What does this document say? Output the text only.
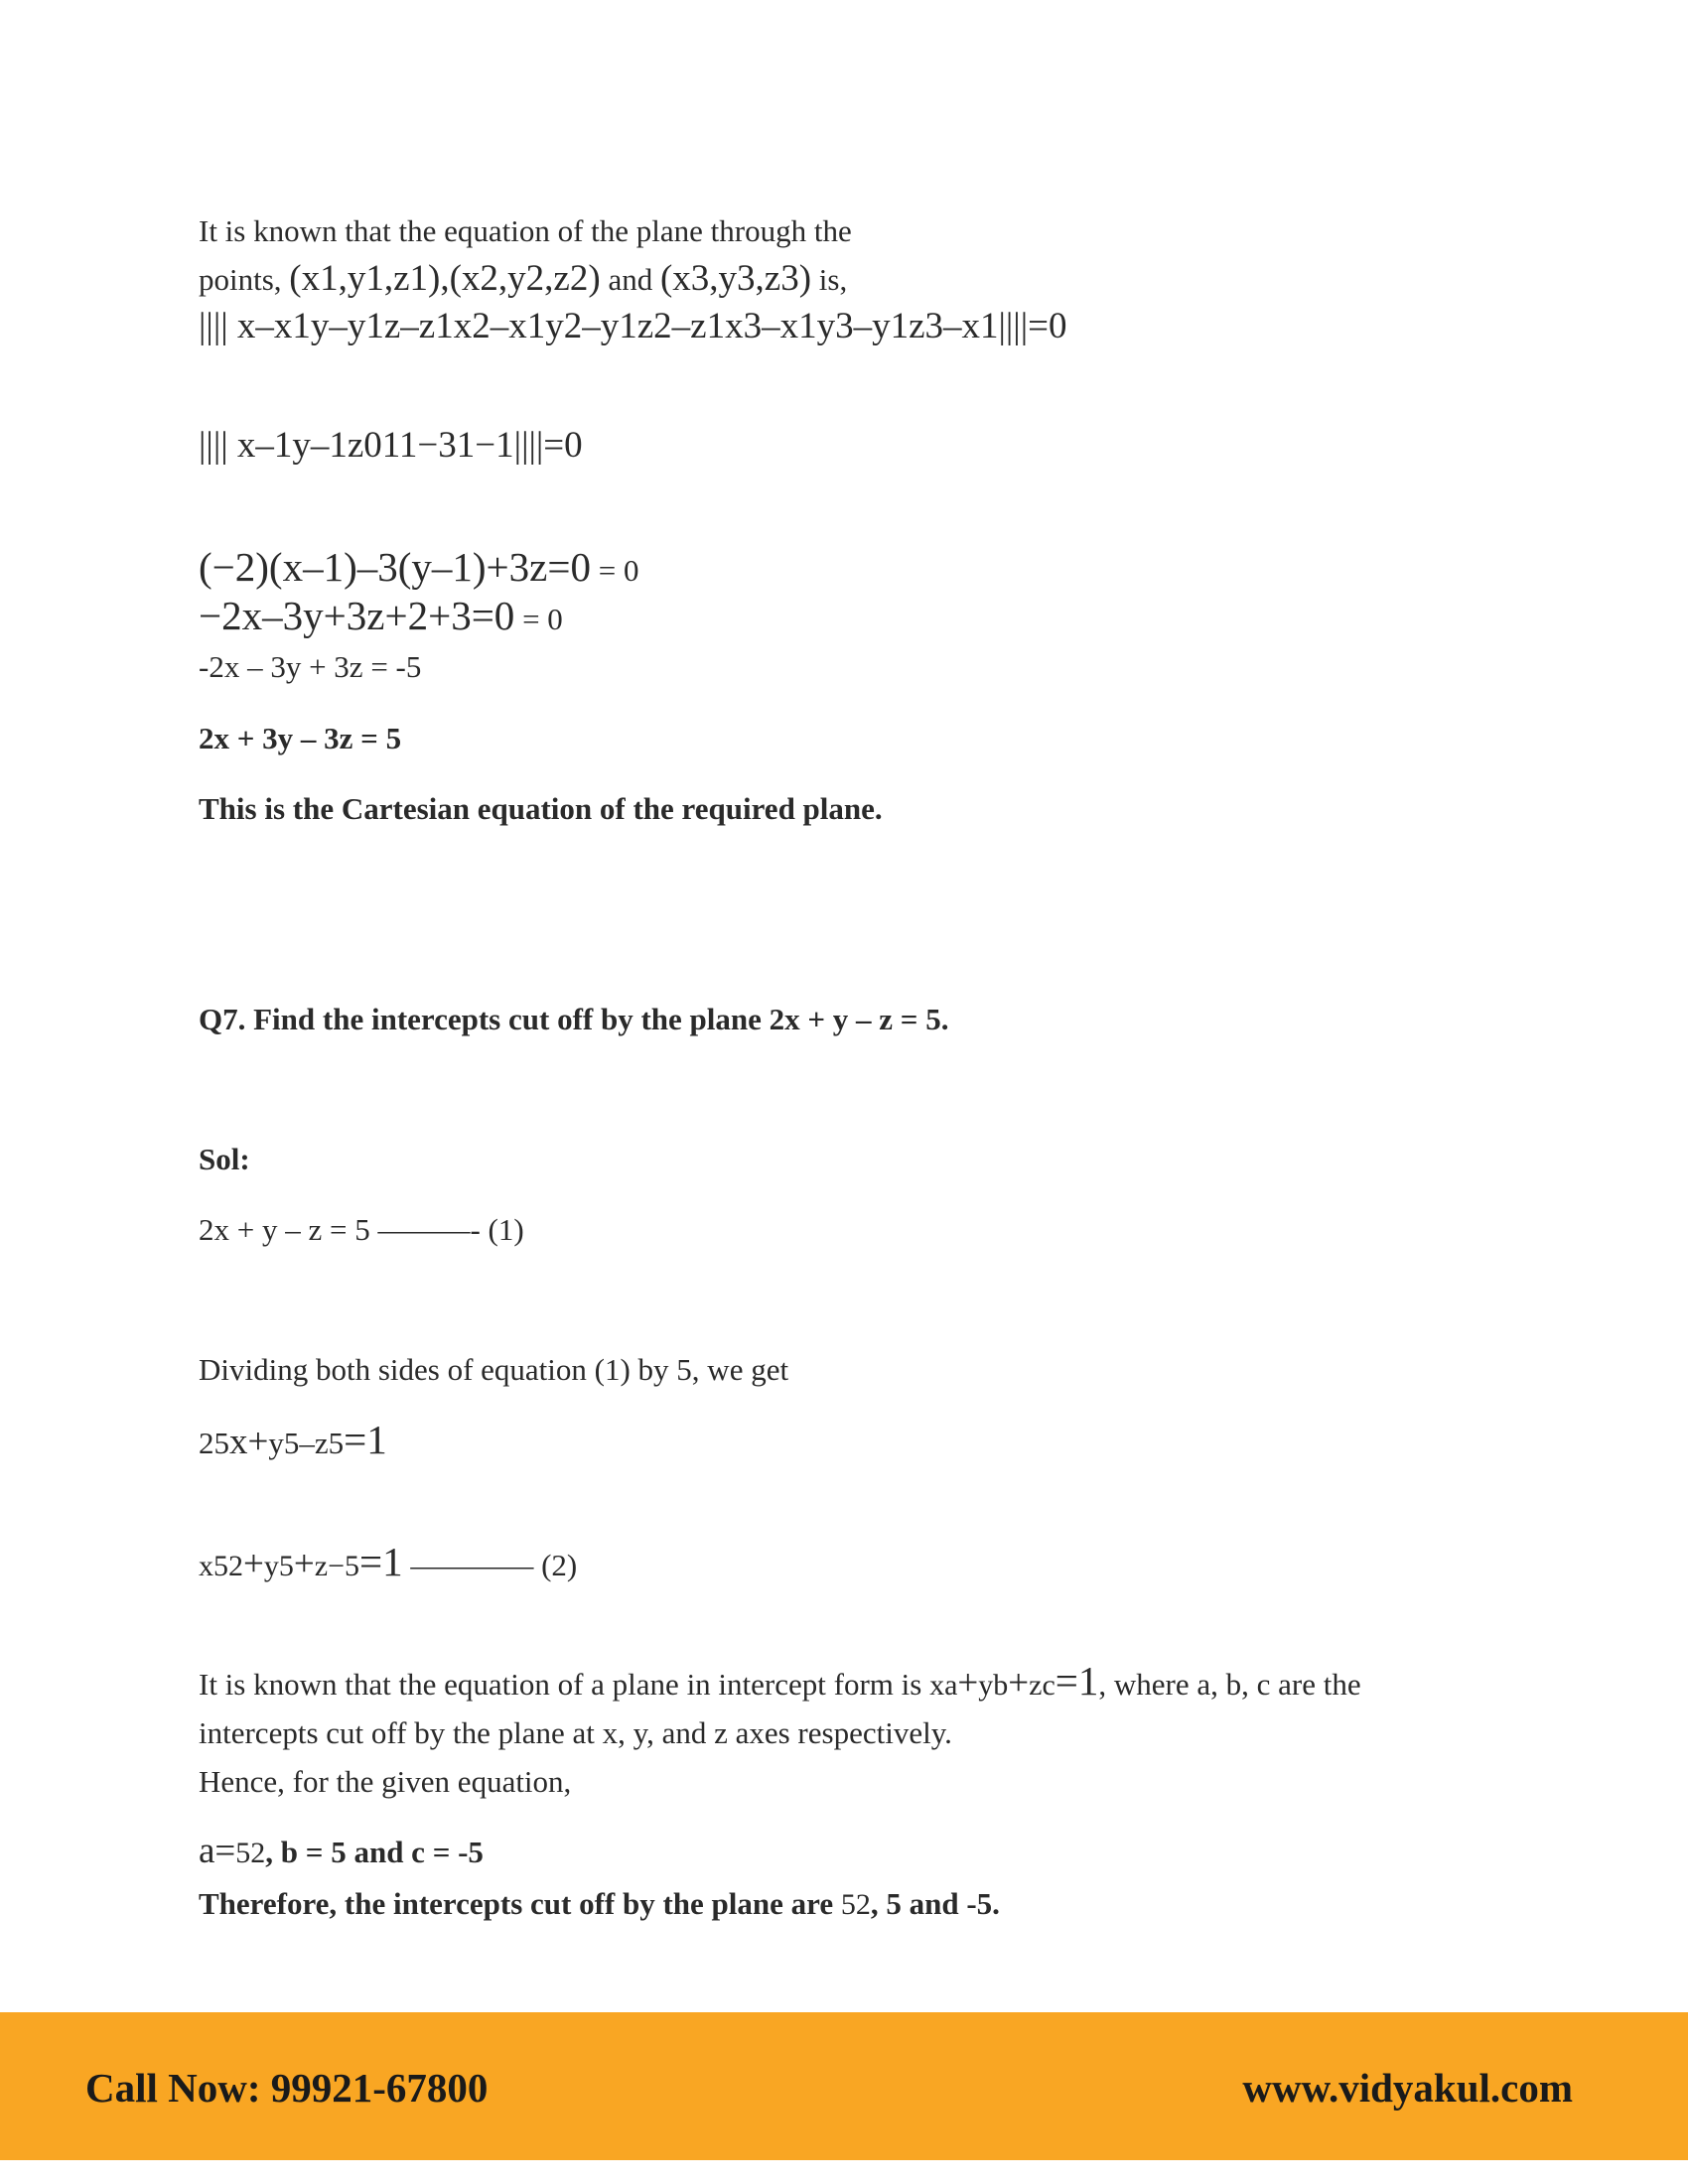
It is known that the equation of the plane through the
points, (x1,y1,z1),(x2,y2,z2) and (x3,y3,z3) is,
|||| x–x1y–y1z–z1x2–x1y2–y1z2–z1x3–x1y3–y1z3–x1||||=0
|||| x–1y–1z011−31−1||||=0
(−2)(x–1)–3(y–1)+3z=0 = 0
−2x–3y+3z+2+3=0 = 0
-2x – 3y + 3z = -5
2x + 3y – 3z = 5
This is the Cartesian equation of the required plane.
Q7. Find the intercepts cut off by the plane 2x + y – z = 5.
Sol:
2x + y – z = 5 ———- (1)
Dividing both sides of equation (1) by 5, we get
25x+y5–z5=1
x52+y5+z−5=1 ———— (2)
It is known that the equation of a plane in intercept form is xa+yb+zc=1, where a, b, c are the
intercepts cut off by the plane at x, y, and z axes respectively.
Hence, for the given equation,
a=52, b = 5 and c = -5
Therefore, the intercepts cut off by the plane are 52, 5 and -5.
Call Now: 99921-67800	www.vidyakul.com
